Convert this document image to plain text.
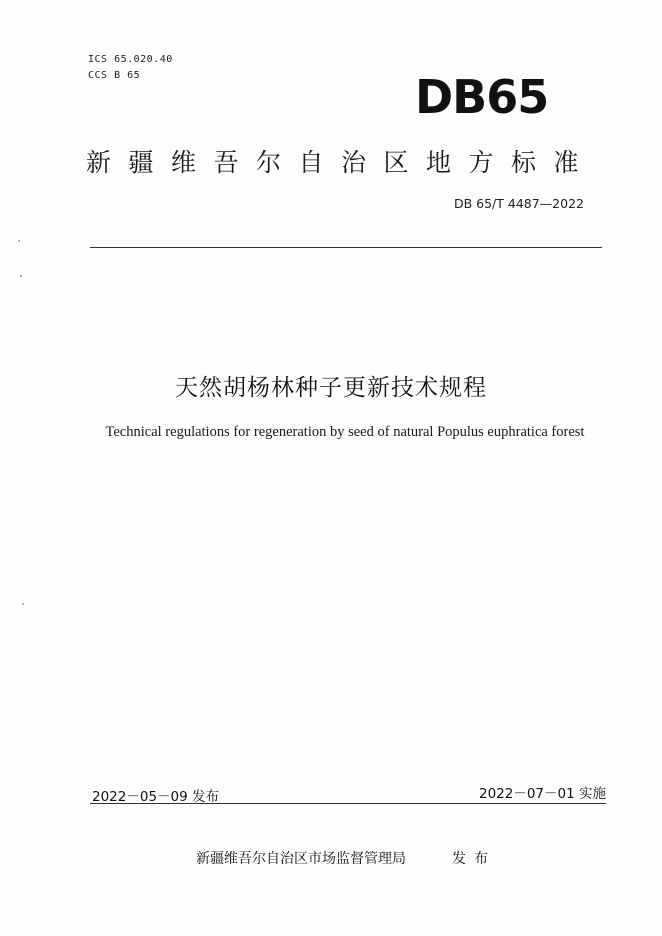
ICS 65.020.40
CCS B 65	DB65
新疆维吾尔自治区地方标准
DB 65/T 4487—2022
天然胡杨林种子更新技术规程
Technical regulations for regeneration by seed of natural Populus euphratica forest
2022－05－09 发布	2022－07－01 实施
新疆维吾尔自治区市场监督管理局	发布
